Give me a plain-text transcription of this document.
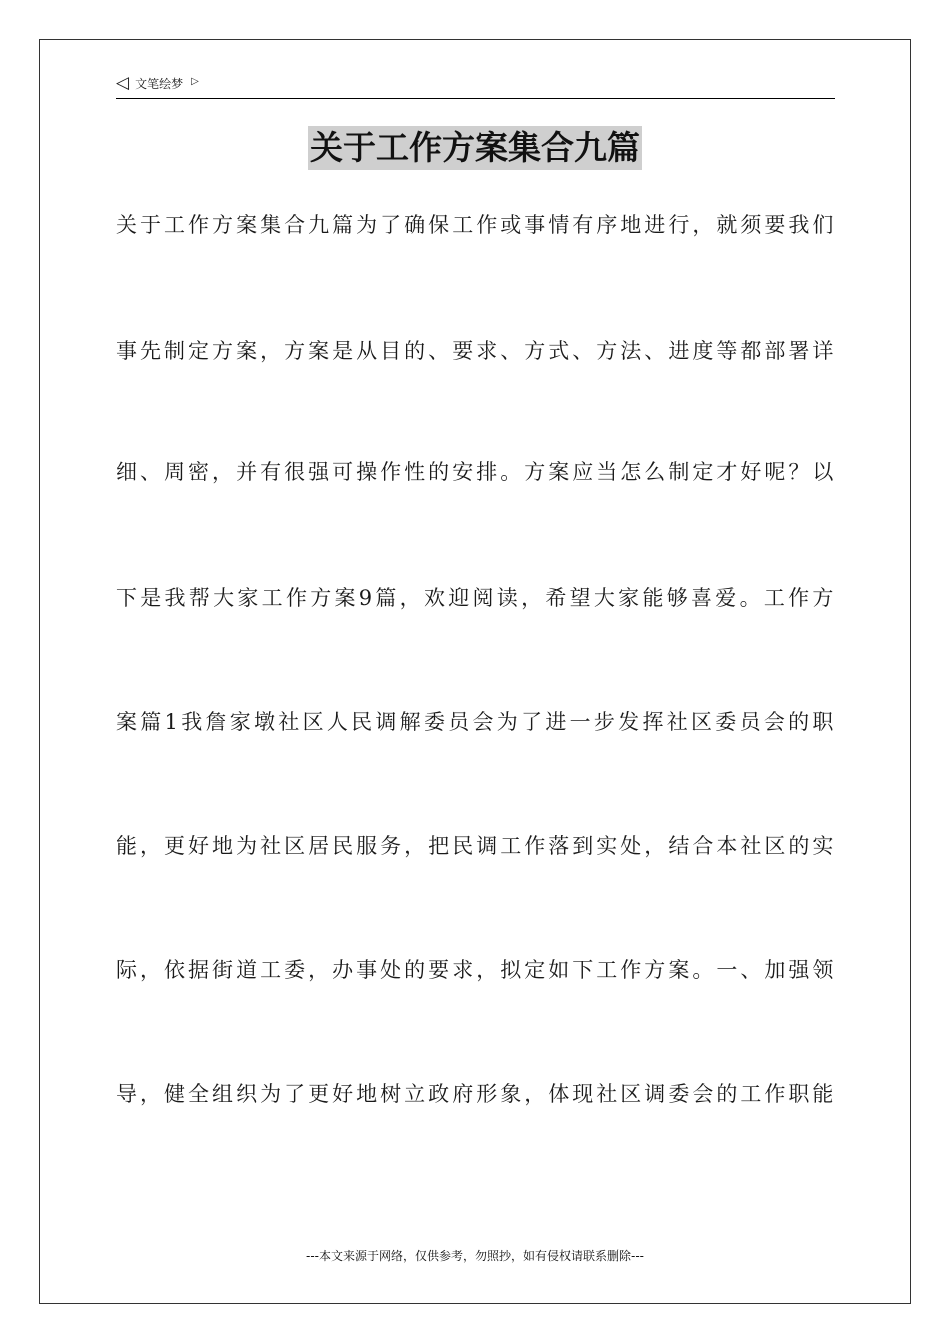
◁ 文笔绘梦 ▷
关于工作方案集合九篇
关于工作方案集合九篇为了确保工作或事情有序地进行，就须要我们
事先制定方案，方案是从目的、要求、方式、方法、进度等都部署详
细、周密，并有很强可操作性的安排。方案应当怎么制定才好呢？以
下是我帮大家工作方案9篇，欢迎阅读，希望大家能够喜爱。工作方
案篇1我詹家墩社区人民调解委员会为了进一步发挥社区委员会的职
能，更好地为社区居民服务，把民调工作落到实处，结合本社区的实
际，依据街道工委，办事处的要求，拟定如下工作方案。一、加强领
导，健全组织为了更好地树立政府形象，体现社区调委会的工作职能
---本文来源于网络，仅供参考，勿照抄，如有侵权请联系删除---
